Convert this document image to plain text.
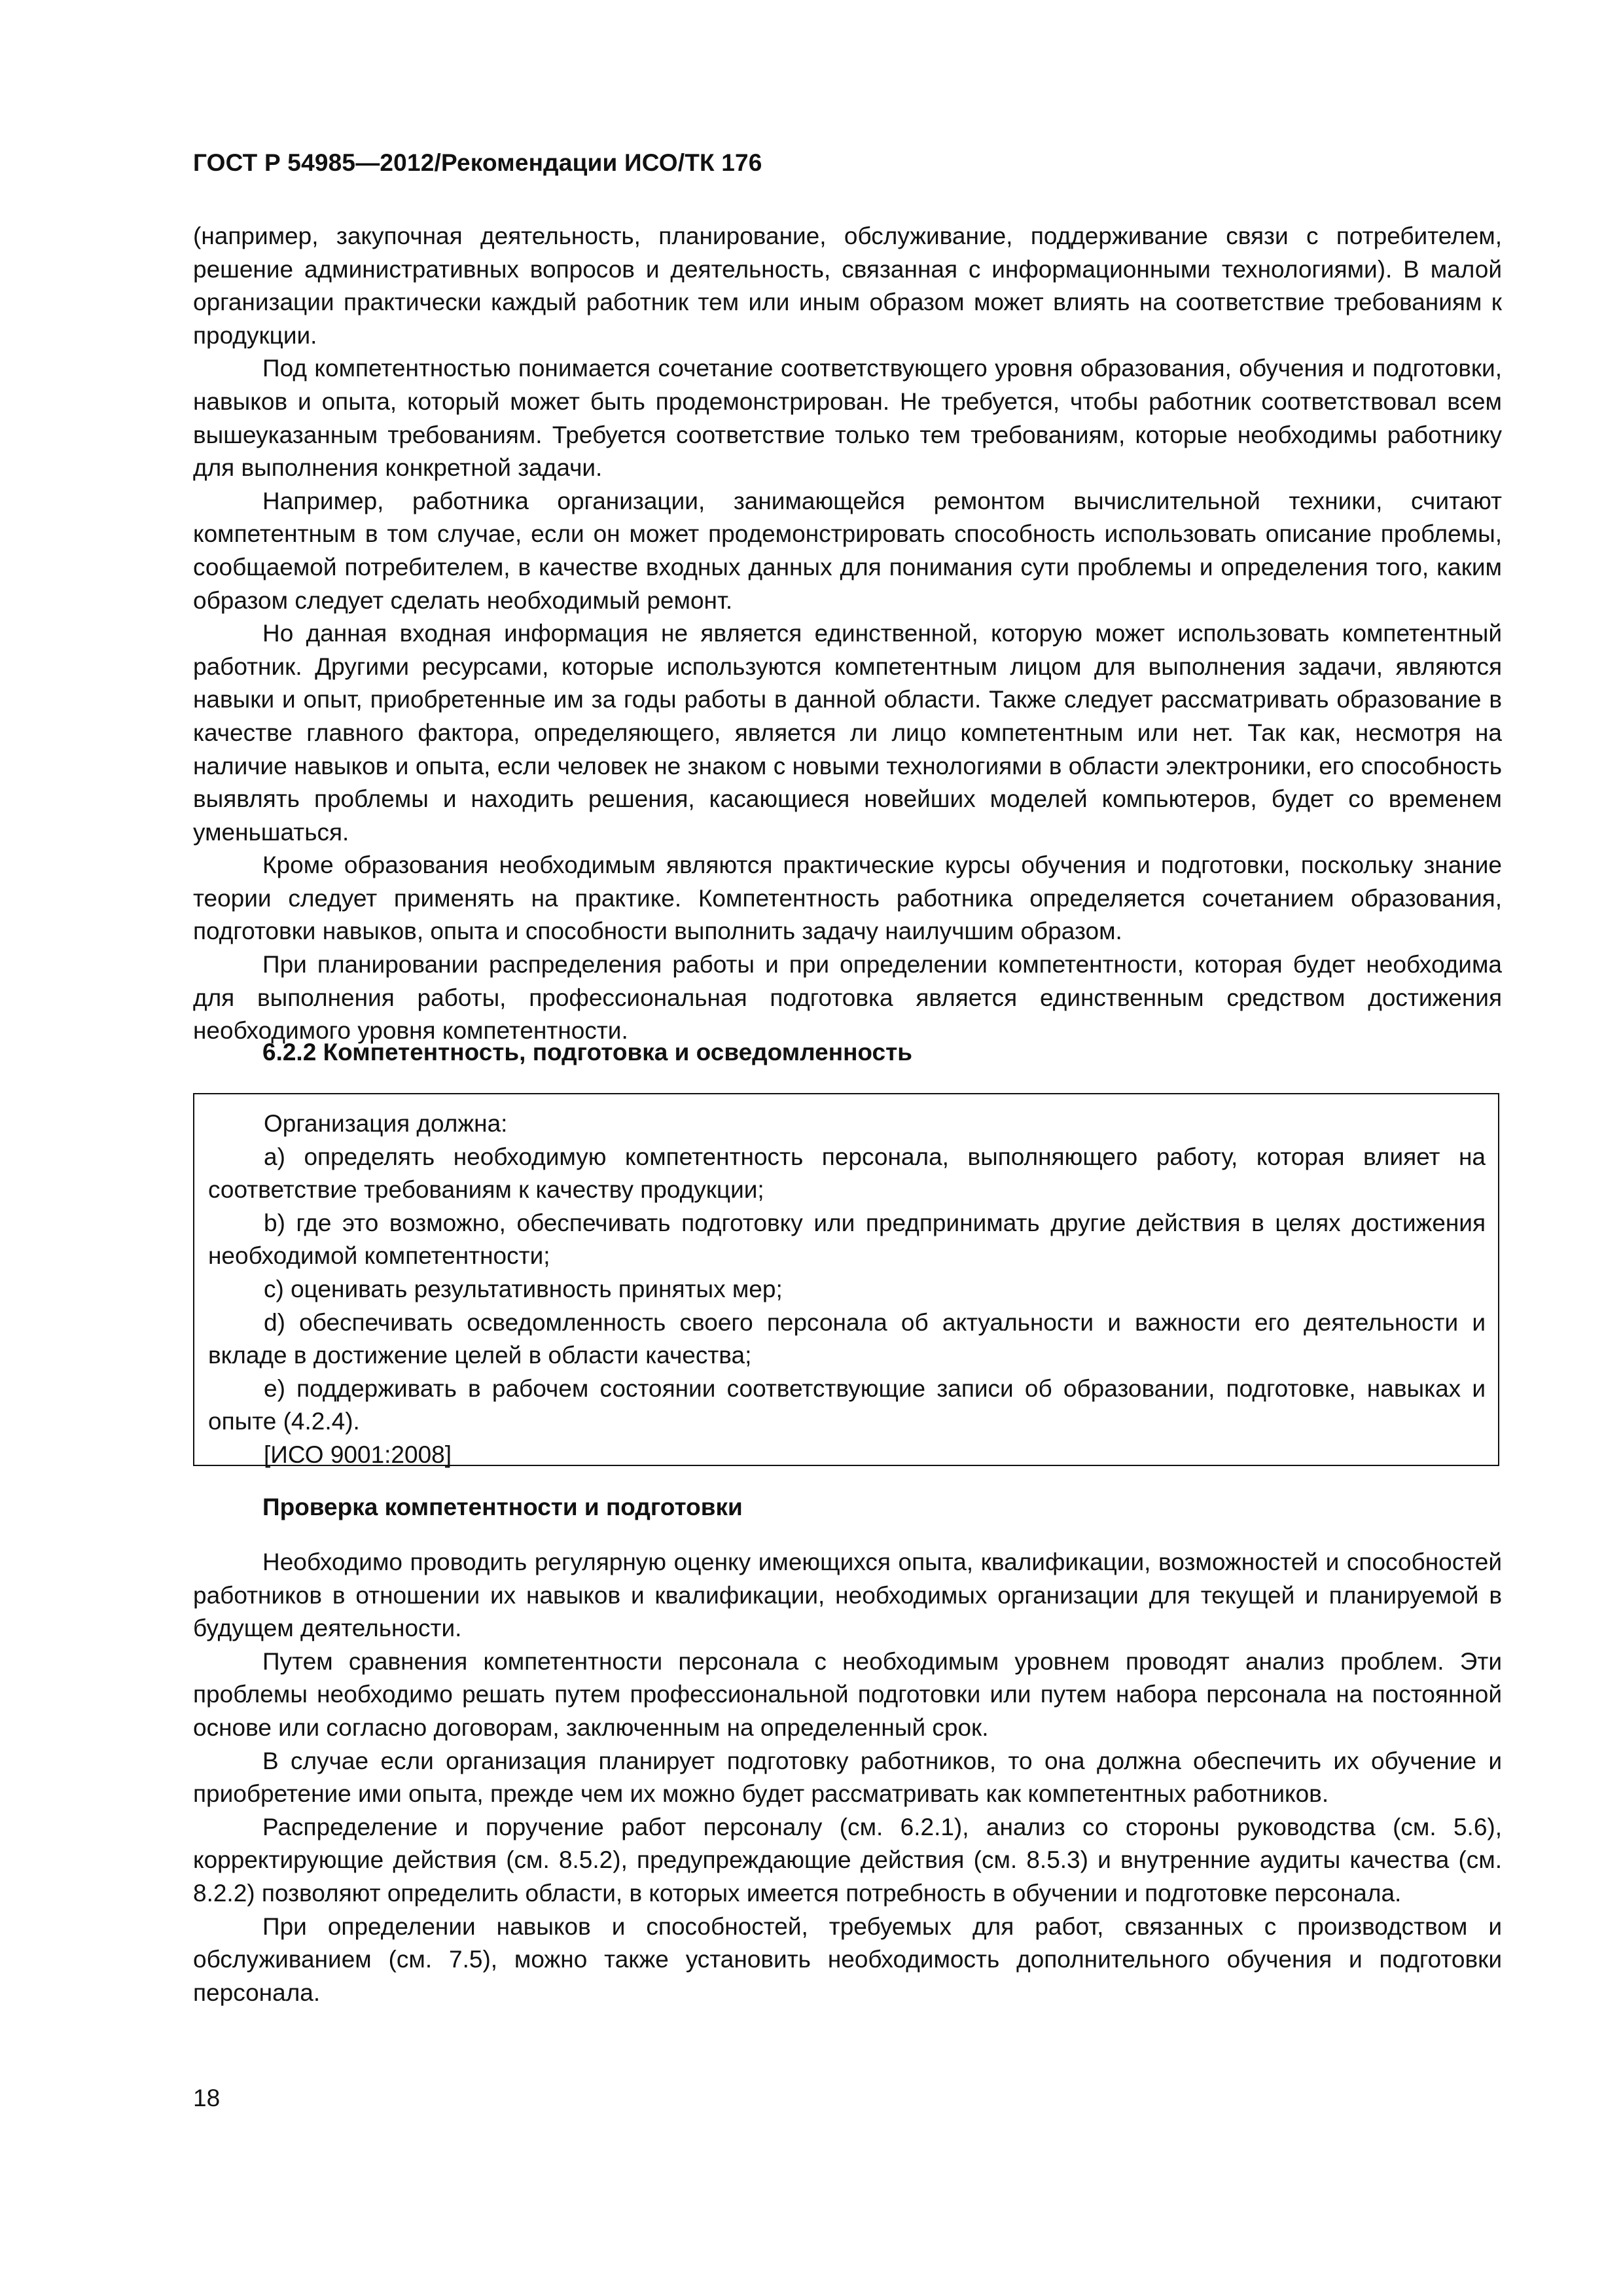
ГОСТ Р 54985—2012/Рекомендации ИСО/ТК 176

(например, закупочная деятельность, планирование, обслуживание, поддерживание связи с потребителем, решение административных вопросов и деятельность, связанная с информационными технологиями). В малой организации практически каждый работник тем или иным образом может влиять на соответствие требованиям к продукции.

Под компетентностью понимается сочетание соответствующего уровня образования, обучения и подготовки, навыков и опыта, который может быть продемонстрирован. Не требуется, чтобы работник соответствовал всем вышеуказанным требованиям. Требуется соответствие только тем требованиям, которые необходимы работнику для выполнения конкретной задачи.

Например, работника организации, занимающейся ремонтом вычислительной техники, считают компетентным в том случае, если он может продемонстрировать способность использовать описание проблемы, сообщаемой потребителем, в качестве входных данных для понимания сути проблемы и определения того, каким образом следует сделать необходимый ремонт.

Но данная входная информация не является единственной, которую может использовать компетентный работник. Другими ресурсами, которые используются компетентным лицом для выполнения задачи, являются навыки и опыт, приобретенные им за годы работы в данной области. Также следует рассматривать образование в качестве главного фактора, определяющего, является ли лицо компетентным или нет. Так как, несмотря на наличие навыков и опыта, если человек не знаком с новыми технологиями в области электроники, его способность выявлять проблемы и находить решения, касающиеся новейших моделей компьютеров, будет со временем уменьшаться.

Кроме образования необходимым являются практические курсы обучения и подготовки, поскольку знание теории следует применять на практике. Компетентность работника определяется сочетанием образования, подготовки навыков, опыта и способности выполнить задачу наилучшим образом.

При планировании распределения работы и при определении компетентности, которая будет необходима для выполнения работы, профессиональная подготовка является единственным средством достижения необходимого уровня компетентности.

6.2.2 Компетентность, подготовка и осведомленность

Организация должна:

a) определять необходимую компетентность персонала, выполняющего работу, которая влияет на соответствие требованиям к качеству продукции;

b) где это возможно, обеспечивать подготовку или предпринимать другие действия в целях достижения необходимой компетентности;

c) оценивать результативность принятых мер;

d) обеспечивать осведомленность своего персонала об актуальности и важности его деятельности и вкладе в достижение целей в области качества;

e) поддерживать в рабочем состоянии соответствующие записи об образовании, подготовке, навыках и опыте (4.2.4).

[ИСО 9001:2008]

Проверка компетентности и подготовки

Необходимо проводить регулярную оценку имеющихся опыта, квалификации, возможностей и способностей работников в отношении их навыков и квалификации, необходимых организации для текущей и планируемой в будущем деятельности.

Путем сравнения компетентности персонала с необходимым уровнем проводят анализ проблем. Эти проблемы необходимо решать путем профессиональной подготовки или путем набора персонала на постоянной основе или согласно договорам, заключенным на определенный срок.

В случае если организация планирует подготовку работников, то она должна обеспечить их обучение и приобретение ими опыта, прежде чем их можно будет рассматривать как компетентных работников.

Распределение и поручение работ персоналу (см. 6.2.1), анализ со стороны руководства (см. 5.6), корректирующие действия (см. 8.5.2), предупреждающие действия (см. 8.5.3) и внутренние аудиты качества (см. 8.2.2) позволяют определить области, в которых имеется потребность в обучении и подготовке персонала.

При определении навыков и способностей, требуемых для работ, связанных с производством и обслуживанием (см. 7.5), можно также установить необходимость дополнительного обучения и подготовки персонала.

18
